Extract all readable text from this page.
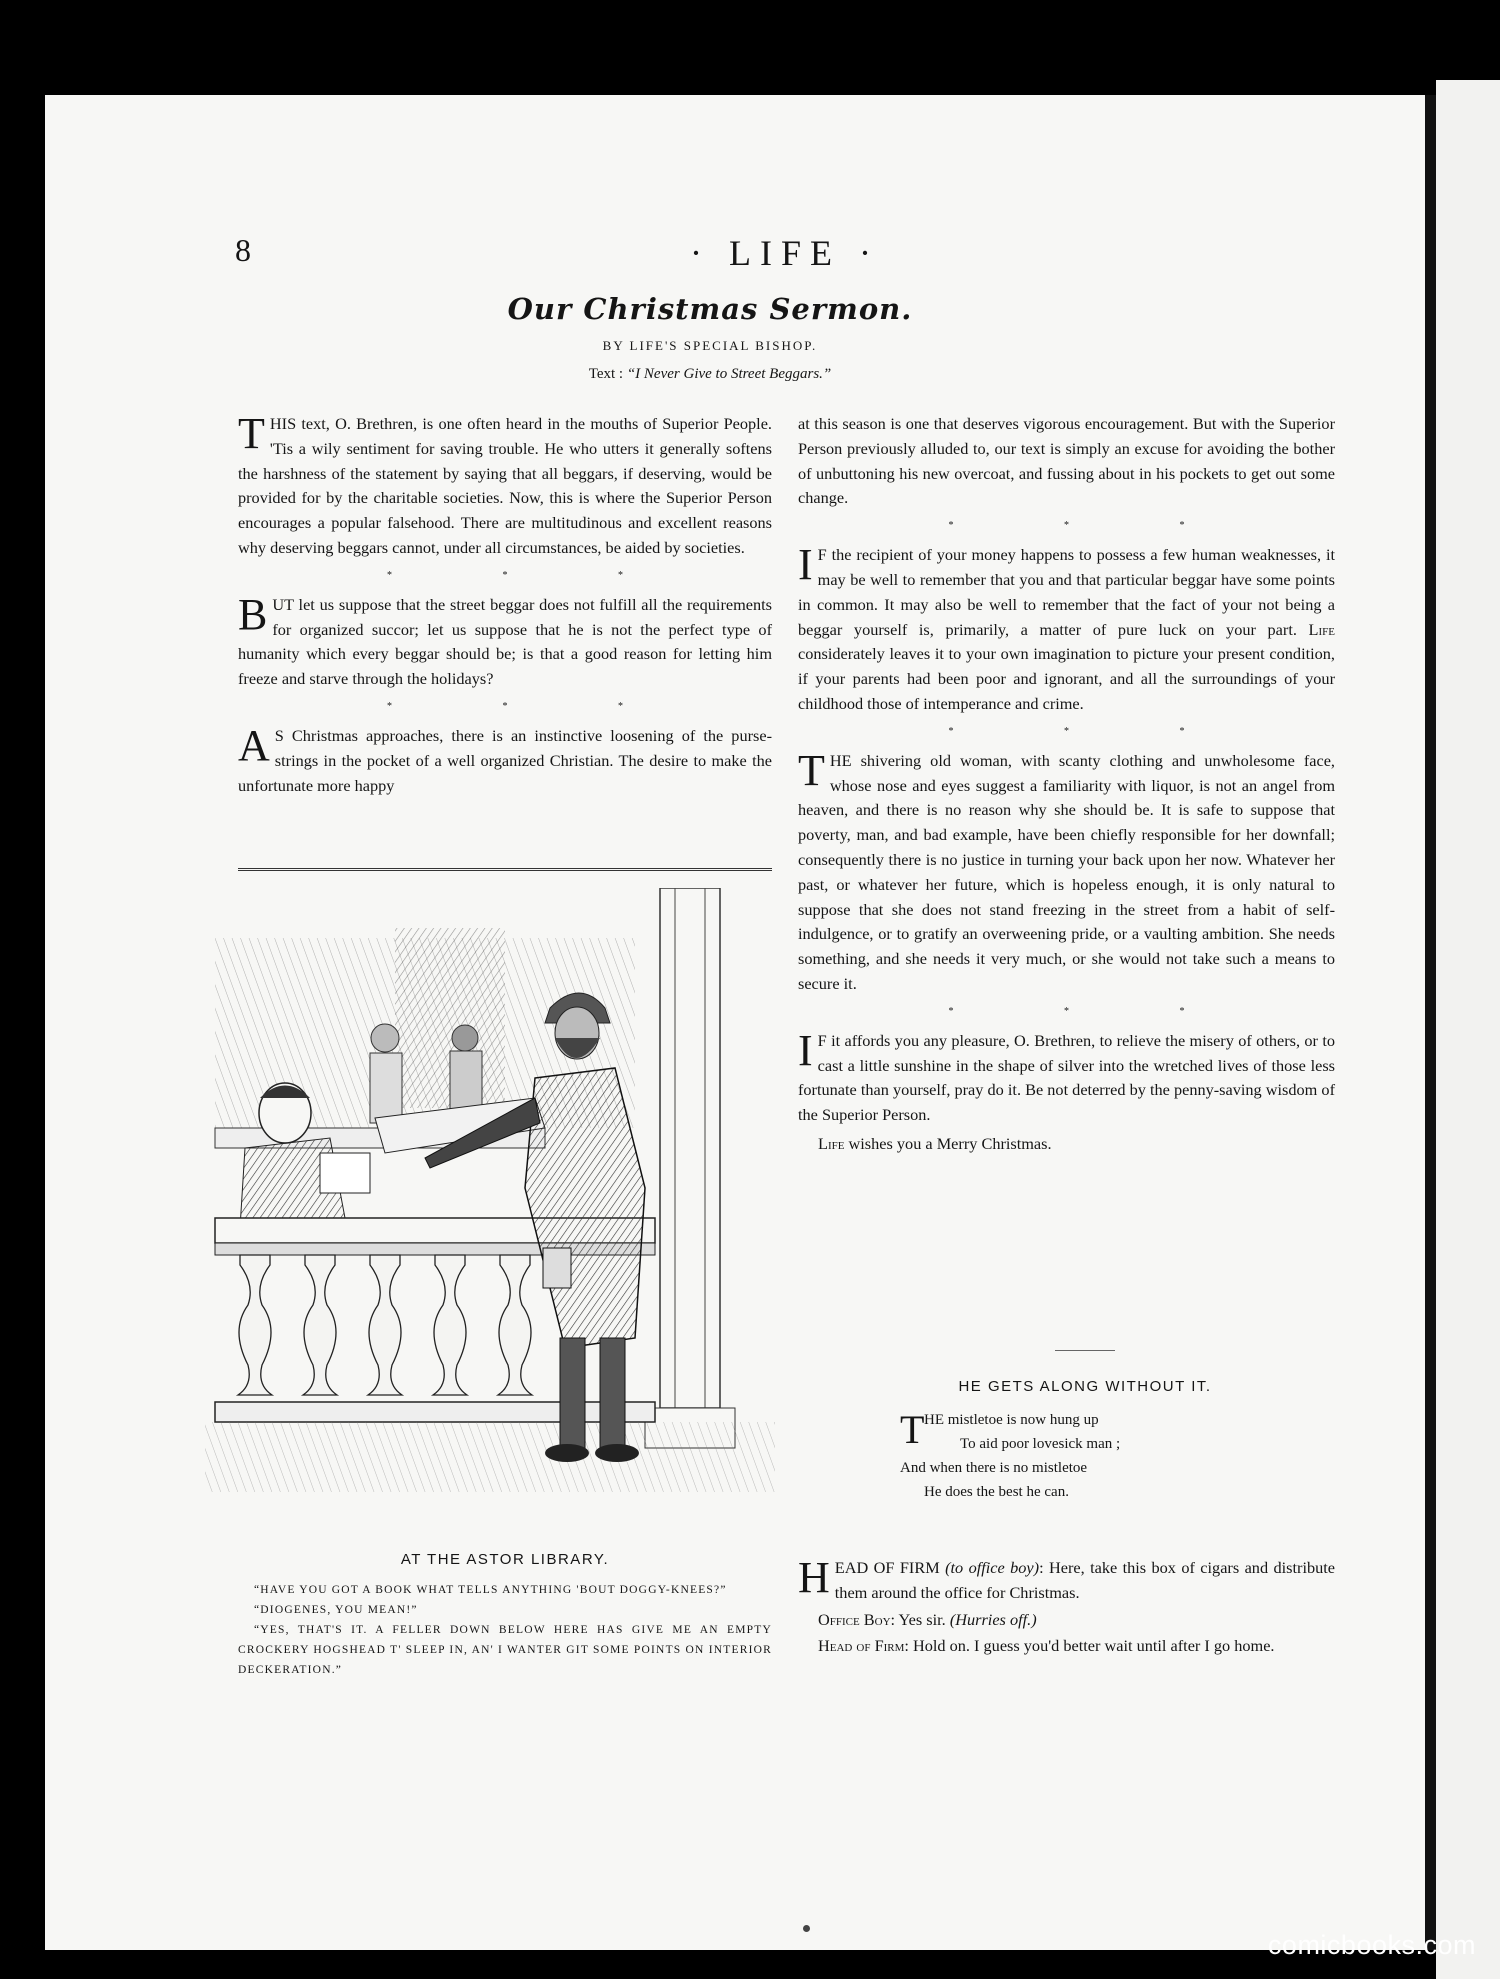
8	· LIFE ·
Our Christmas Sermon.
BY LIFE'S SPECIAL BISHOP.
Text : “I Never Give to Street Beggars.”

THIS text, O. Brethren, is one often heard in the mouths of Superior People. 'Tis a wily sentiment for saving trouble. He who utters it generally softens the harshness of the statement by saying that all beggars, if deserving, would be provided for by the charitable societies. Now, this is where the Superior Person encourages a popular falsehood. There are multitudinous and excellent reasons why deserving beggars cannot, under all circumstances, be aided by societies.

* * *

BUT let us suppose that the street beggar does not fulfill all the requirements for organized succor; let us suppose that he is not the perfect type of humanity which every beggar should be; is that a good reason for letting him freeze and starve through the holidays?

* * *

A S Christmas approaches, there is an instinctive loosening of the purse-strings in the pocket of a well organized Christian. The desire to make the unfortunate more happy

AT THE ASTOR LIBRARY.

“HAVE YOU GOT A BOOK WHAT TELLS ANYTHING 'BOUT DOGGY-KNEES?”

“DIOGENES, YOU MEAN!”

“YES, THAT'S IT. A FELLER DOWN BELOW HERE HAS GIVE ME AN EMPTY CROCKERY HOGSHEAD T' SLEEP IN, AN' I WANTER GIT SOME POINTS ON INTERIOR DECKERATION.”

at this season is one that deserves vigorous encouragement. But with the Superior Person previously alluded to, our text is simply an excuse for avoiding the bother of unbuttoning his new overcoat, and fussing about in his pockets to get out some change.

* * *

I F the recipient of your money happens to possess a few human weaknesses, it may be well to remember that you and that particular beggar have some points in common. It may also be well to remember that the fact of your not being a beggar yourself is, primarily, a matter of pure luck on your part. Life considerately leaves it to your own imagination to picture your present condition, if your parents had been poor and ignorant, and all the surroundings of your childhood those of intemperance and crime.

* * *

THE shivering old woman, with scanty clothing and unwholesome face, whose nose and eyes suggest a familiarity with liquor, is not an angel from heaven, and there is no reason why she should be. It is safe to suppose that poverty, man, and bad example, have been chiefly responsible for her downfall; consequently there is no justice in turning your back upon her now. Whatever her past, or whatever her future, which is hopeless enough, it is only natural to suppose that she does not stand freezing in the street from a habit of self-indulgence, or to gratify an overweening pride, or a vaulting ambition. She needs something, and she needs it very much, or she would not take such a means to secure it.

* * *

I F it affords you any pleasure, O. Brethren, to relieve the misery of others, or to cast a little sunshine in the shape of silver into the wretched lives of those less fortunate than yourself, pray do it. Be not deterred by the penny-saving wisdom of the Superior Person.

Life wishes you a Merry Christmas.

HE GETS ALONG WITHOUT IT.
T HE mistletoe is now hung up
To aid poor lovesick man ;
And when there is no mistletoe
He does the best he can.

HEAD OF FIRM (to office boy): Here, take this box of cigars and distribute them around the office for Christmas.

Office Boy: Yes sir. (Hurries off.)

Head of Firm: Hold on. I guess you'd better wait until after I go home.

comicbooks.com
